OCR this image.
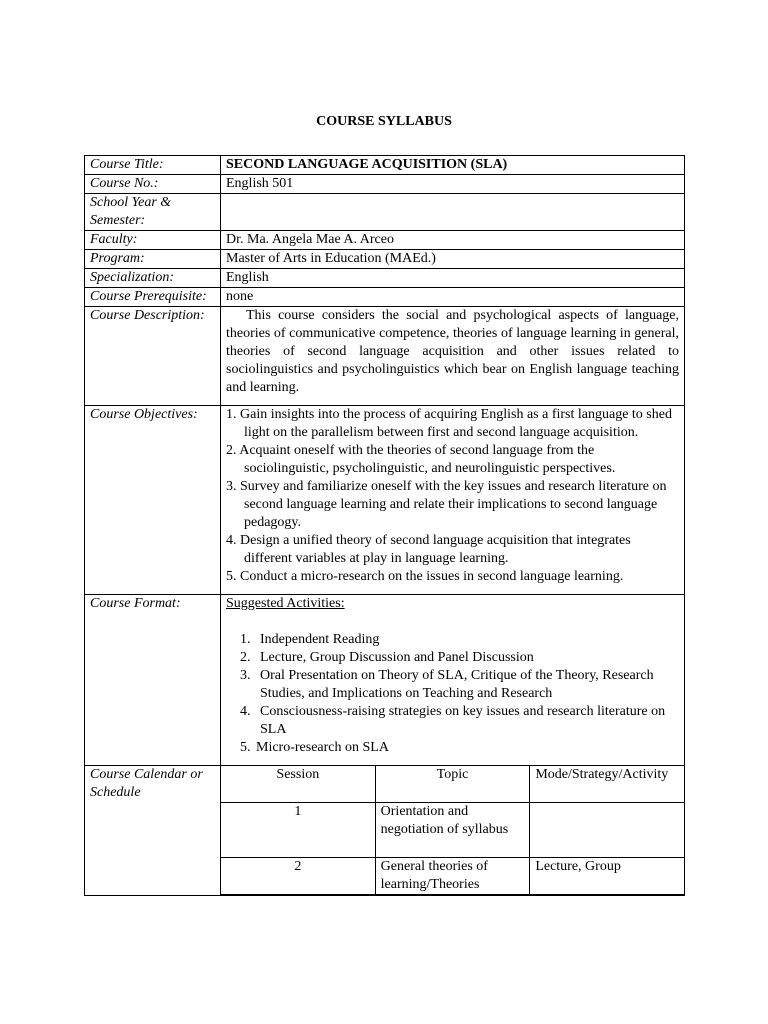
COURSE SYLLABUS
Course Title:	SECOND LANGUAGE ACQUISITION (SLA)
Course No.:	English 501
School Year & Semester:	
Faculty:	Dr. Ma. Angela Mae A. Arceo
Program:	Master of Arts in Education (MAEd.)
Specialization:	English
Course Prerequisite:	none
Course Description:	This course considers the social and psychological aspects of language, theories of communicative competence, theories of language learning in general, theories of second language acquisition and other issues related to sociolinguistics and psycholinguistics which bear on English language teaching and learning.

Course Objectives:	1. Gain insights into the process of acquiring English as a first language to shed light on the parallelism between first and second language acquisition.
2. Acquaint oneself with the theories of second language from the sociolinguistic, psycholinguistic, and neurolinguistic perspectives.
3. Survey and familiarize oneself with the key issues and research literature on second language learning and relate their implications to second language pedagogy.
4. Design a unified theory of second language acquisition that integrates different variables at play in language learning.
5. Conduct a micro-research on the issues in second language learning.

Course Format:	Suggested Activities:
1. Independent Reading
2. Lecture, Group Discussion and Panel Discussion
3. Oral Presentation on Theory of SLA, Critique of the Theory, Research Studies, and Implications on Teaching and Research
4. Consciousness-raising strategies on key issues and research literature on SLA
5. Micro-research on SLA

Course Calendar or Schedule	
Session	Topic	Mode/Strategy/Activity
1	Orientation and negotiation of syllabus	
2	General theories of learning/Theories	Lecture, Group
